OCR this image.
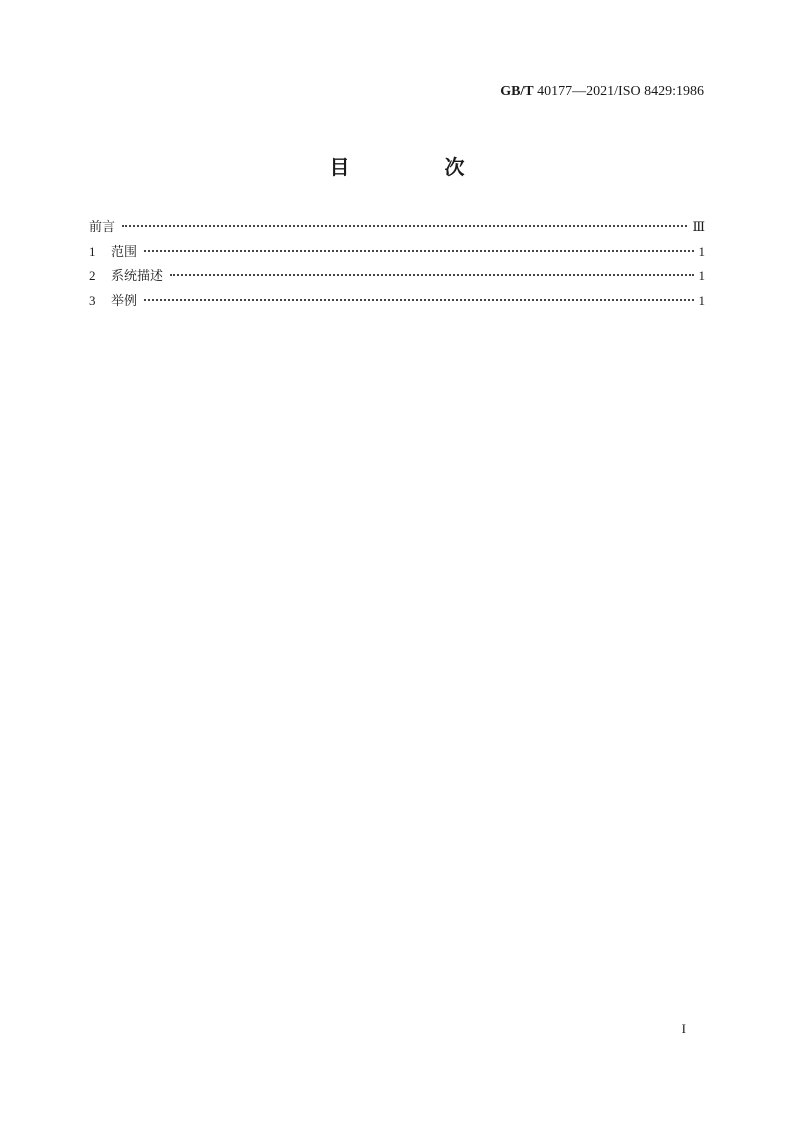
GB/T 40177—2021/ISO 8429:1986
目 次
前言	Ⅲ
1	范围	1
2	系统描述	1
3	举例	1
I
